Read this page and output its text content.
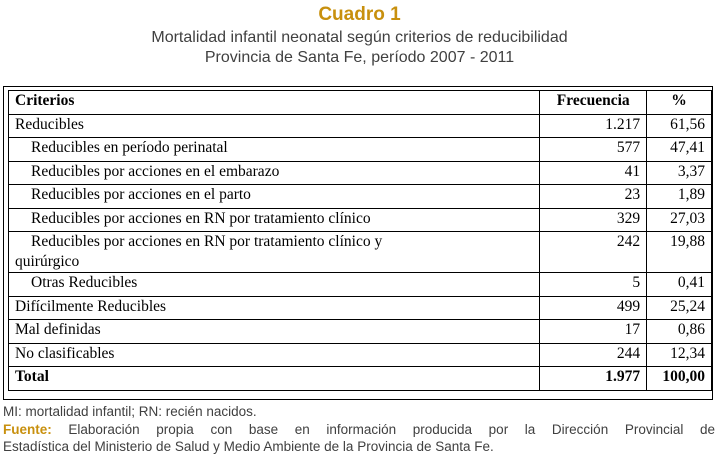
Cuadro 1
Mortalidad infantil neonatal según criterios de reducibilidad
Provincia de Santa Fe, período 2007 - 2011
Criterios	Frecuencia	%
Reducibles	1.217	61,56
Reducibles en período perinatal	577	47,41
Reducibles por acciones en el embarazo	41	3,37
Reducibles por acciones en el parto	23	1,89
Reducibles por acciones en RN por tratamiento clínico	329	27,03
Reducibles por acciones en RN por tratamiento clínico y
quirúrgico	242	19,88
Otras Reducibles	5	0,41
Difícilmente Reducibles	499	25,24
Mal definidas	17	0,86
No clasificables	244	12,34
Total	1.977	100,00
MI: mortalidad infantil; RN: recién nacidos.
Fuente: Elaboración propia con base en información producida por la Dirección Provincial de
Estadística del Ministerio de Salud y Medio Ambiente de la Provincia de Santa Fe.
